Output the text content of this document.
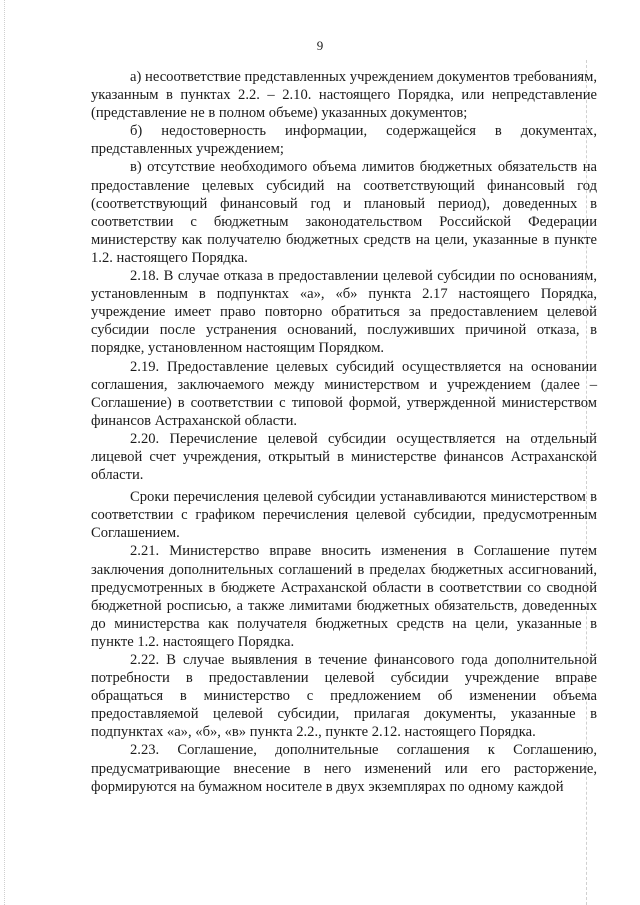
9

а) несоответствие представленных учреждением документов требованиям, указанным в пунктах 2.2. – 2.10. настоящего Порядка, или непредставление (представление не в полном объеме) указанных документов;

б) недостоверность информации, содержащейся в документах, представленных учреждением;

в) отсутствие необходимого объема лимитов бюджетных обязательств на предоставление целевых субсидий на соответствующий финансовый год (соответствующий финансовый год и плановый период), доведенных в соответствии с бюджетным законодательством Российской Федерации министерству как получателю бюджетных средств на цели, указанные в пункте 1.2. настоящего Порядка.

2.18. В случае отказа в предоставлении целевой субсидии по основаниям, установленным в подпунктах «а», «б» пункта 2.17 настоящего Порядка, учреждение имеет право повторно обратиться за предоставлением целевой субсидии после устранения оснований, послуживших причиной отказа, в порядке, установленном настоящим Порядком.

2.19. Предоставление целевых субсидий осуществляется на основании соглашения, заключаемого между министерством и учреждением (далее – Соглашение) в соответствии с типовой формой, утвержденной министерством финансов Астраханской области.

2.20. Перечисление целевой субсидии осуществляется на отдельный лицевой счет учреждения, открытый в министерстве финансов Астраханской области.

Сроки перечисления целевой субсидии устанавливаются министерством в соответствии с графиком перечисления целевой субсидии, предусмотренным Соглашением.

2.21. Министерство вправе вносить изменения в Соглашение путем заключения дополнительных соглашений в пределах бюджетных ассигнований, предусмотренных в бюджете Астраханской области в соответствии со сводной бюджетной росписью, а также лимитами бюджетных обязательств, доведенных до министерства как получателя бюджетных средств на цели, указанные в пункте 1.2. настоящего Порядка.

2.22. В случае выявления в течение финансового года дополнительной потребности в предоставлении целевой субсидии учреждение вправе обращаться в министерство с предложением об изменении объема предоставляемой целевой субсидии, прилагая документы, указанные в подпунктах «а», «б», «в» пункта 2.2., пункте 2.12. настоящего Порядка.

2.23. Соглашение, дополнительные соглашения к Соглашению, предусматривающие внесение в него изменений или его расторжение, формируются на бумажном носителе в двух экземплярах по одному каждой
